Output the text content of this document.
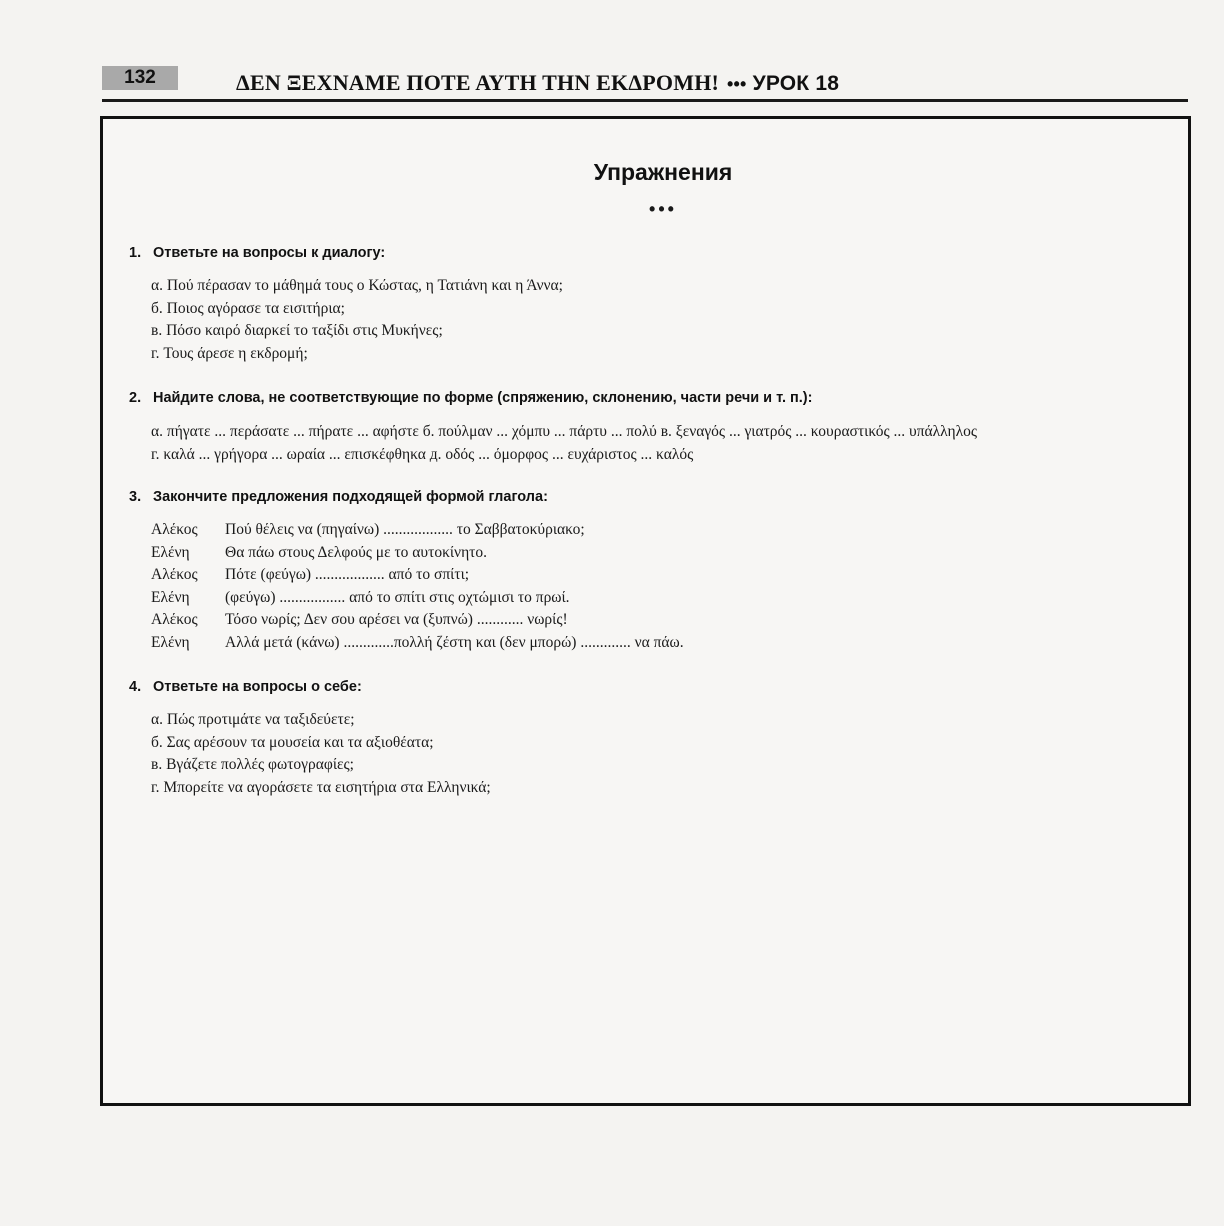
132	ΔΕΝ ΞΕΧΝΑΜΕ ΠΟΤΕ ΑΥΤΗ ΤΗΝ ΕΚΔΡΟΜΗ! ••• УРОК 18
Упражнения
•••
1. Ответьте на вопросы к диалогу:
α. Πού πέρασαν το μάθημά τους ο Κώστας, η Τατιάνη και η Άννα;
б. Ποιος αγόρασε τα εισιτήρια;
в. Πόσο καιρό διαρκεί το ταξίδι στις Μυκήνες;
г. Τους άρεσε η εκδρομή;
2. Найдите слова, не соответствующие по форме (спряжению, склонению, части речи и т. п.):
α. πήγατε ... περάσατε ... πήρατε ... αφήστε б. πούλμαν ... χόμπυ ... πάρτυ ... πολύ в. ξεναγός ... γιατρός ... κουραστικός ... υπάλληλος
г. καλά ... γρήγορα ... ωραία ... επισκέφθηκα д. οδός ... όμορφος ... ευχάριστος ... καλός
3. Закончите предложения подходящей формой глагола:
Αλέκος	Πού θέλεις να (πηγαίνω) .................. το Σαββατοκύριακο;
Ελένη	Θα πάω στους Δελφούς με το αυτοκίνητο.
Αλέκος	Πότε (φεύγω) .................. από το σπίτι;
Ελένη	(φεύγω) ................. από το σπίτι στις οχτώμισι το πρωί.
Αλέκος	Τόσο νωρίς; Δεν σου αρέσει να (ξυπνώ) ............ νωρίς!
Ελένη	Αλλά μετά (κάνω) .............πολλή ζέστη και (δεν μπορώ) ............. να πάω.
4. Ответьте на вопросы о себе:
α. Πώς προτιμάτε να ταξιδεύετε;
б. Σας αρέσουν τα μουσεία και τα αξιοθέατα;
в. Βγάζετε πολλές φωτογραφίες;
г. Μπορείτε να αγοράσετε τα εισητήρια στα Ελληνικά;
